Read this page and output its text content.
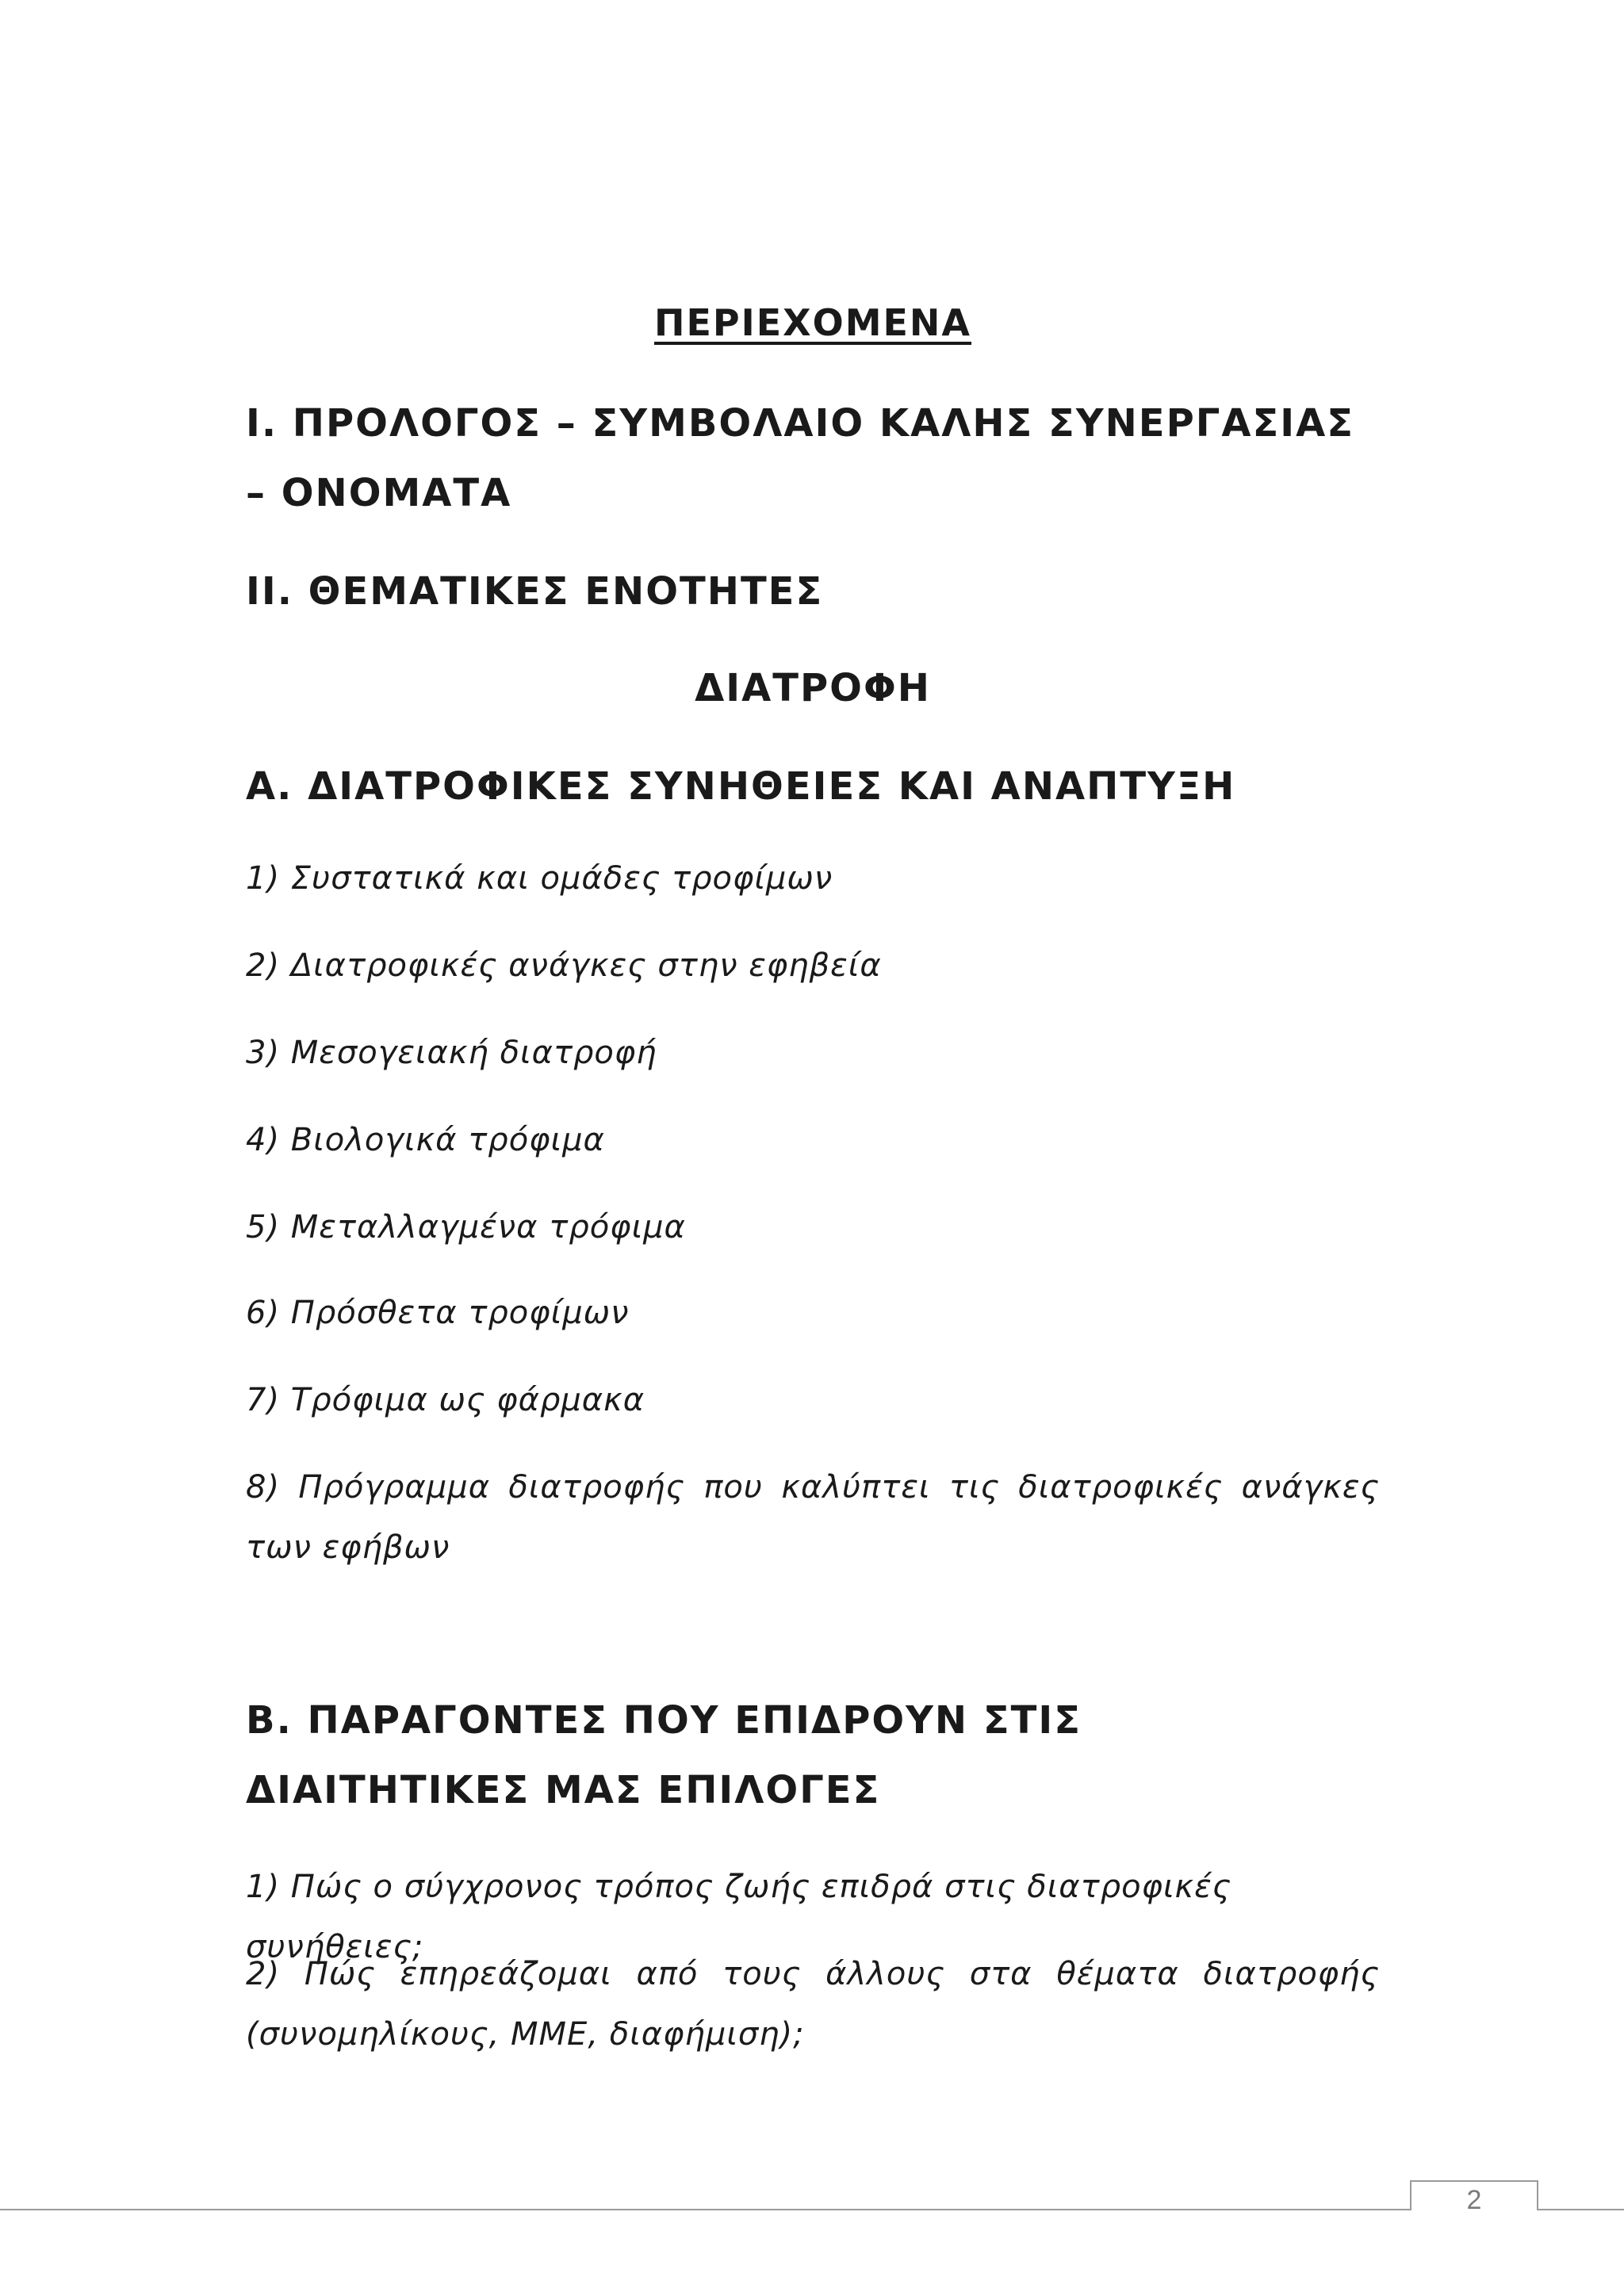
ΠΕΡΙΕΧΟΜΕΝΑ
I. ΠΡΟΛΟΓΟΣ – ΣΥΜΒΟΛΑΙΟ ΚΑΛΗΣ ΣΥΝΕΡΓΑΣΙΑΣ – ΟΝΟΜΑΤΑ
II. ΘΕΜΑΤΙΚΕΣ ΕΝΟΤΗΤΕΣ
ΔΙΑΤΡΟΦΗ
Α. ΔΙΑΤΡΟΦΙΚΕΣ ΣΥΝΗΘΕΙΕΣ ΚΑΙ ΑΝΑΠΤΥΞΗ
1) Συστατικά και ομάδες τροφίμων
2) Διατροφικές ανάγκες στην εφηβεία
3) Μεσογειακή διατροφή
4) Βιολογικά τρόφιμα
5) Μεταλλαγμένα τρόφιμα
6) Πρόσθετα τροφίμων
7) Τρόφιμα ως φάρμακα
8) Πρόγραμμα διατροφής που καλύπτει τις διατροφικές ανάγκες των εφήβων
Β. ΠΑΡΑΓΟΝΤΕΣ ΠΟΥ ΕΠΙΔΡΟΥΝ ΣΤΙΣ ΔΙΑΙΤΗΤΙΚΕΣ ΜΑΣ ΕΠΙΛΟΓΕΣ
1) Πώς ο σύγχρονος τρόπος ζωής επιδρά στις διατροφικές συνήθειες;
2) Πώς επηρεάζομαι από τους άλλους στα θέματα διατροφής (συνομηλίκους, ΜΜΕ, διαφήμιση);
2
